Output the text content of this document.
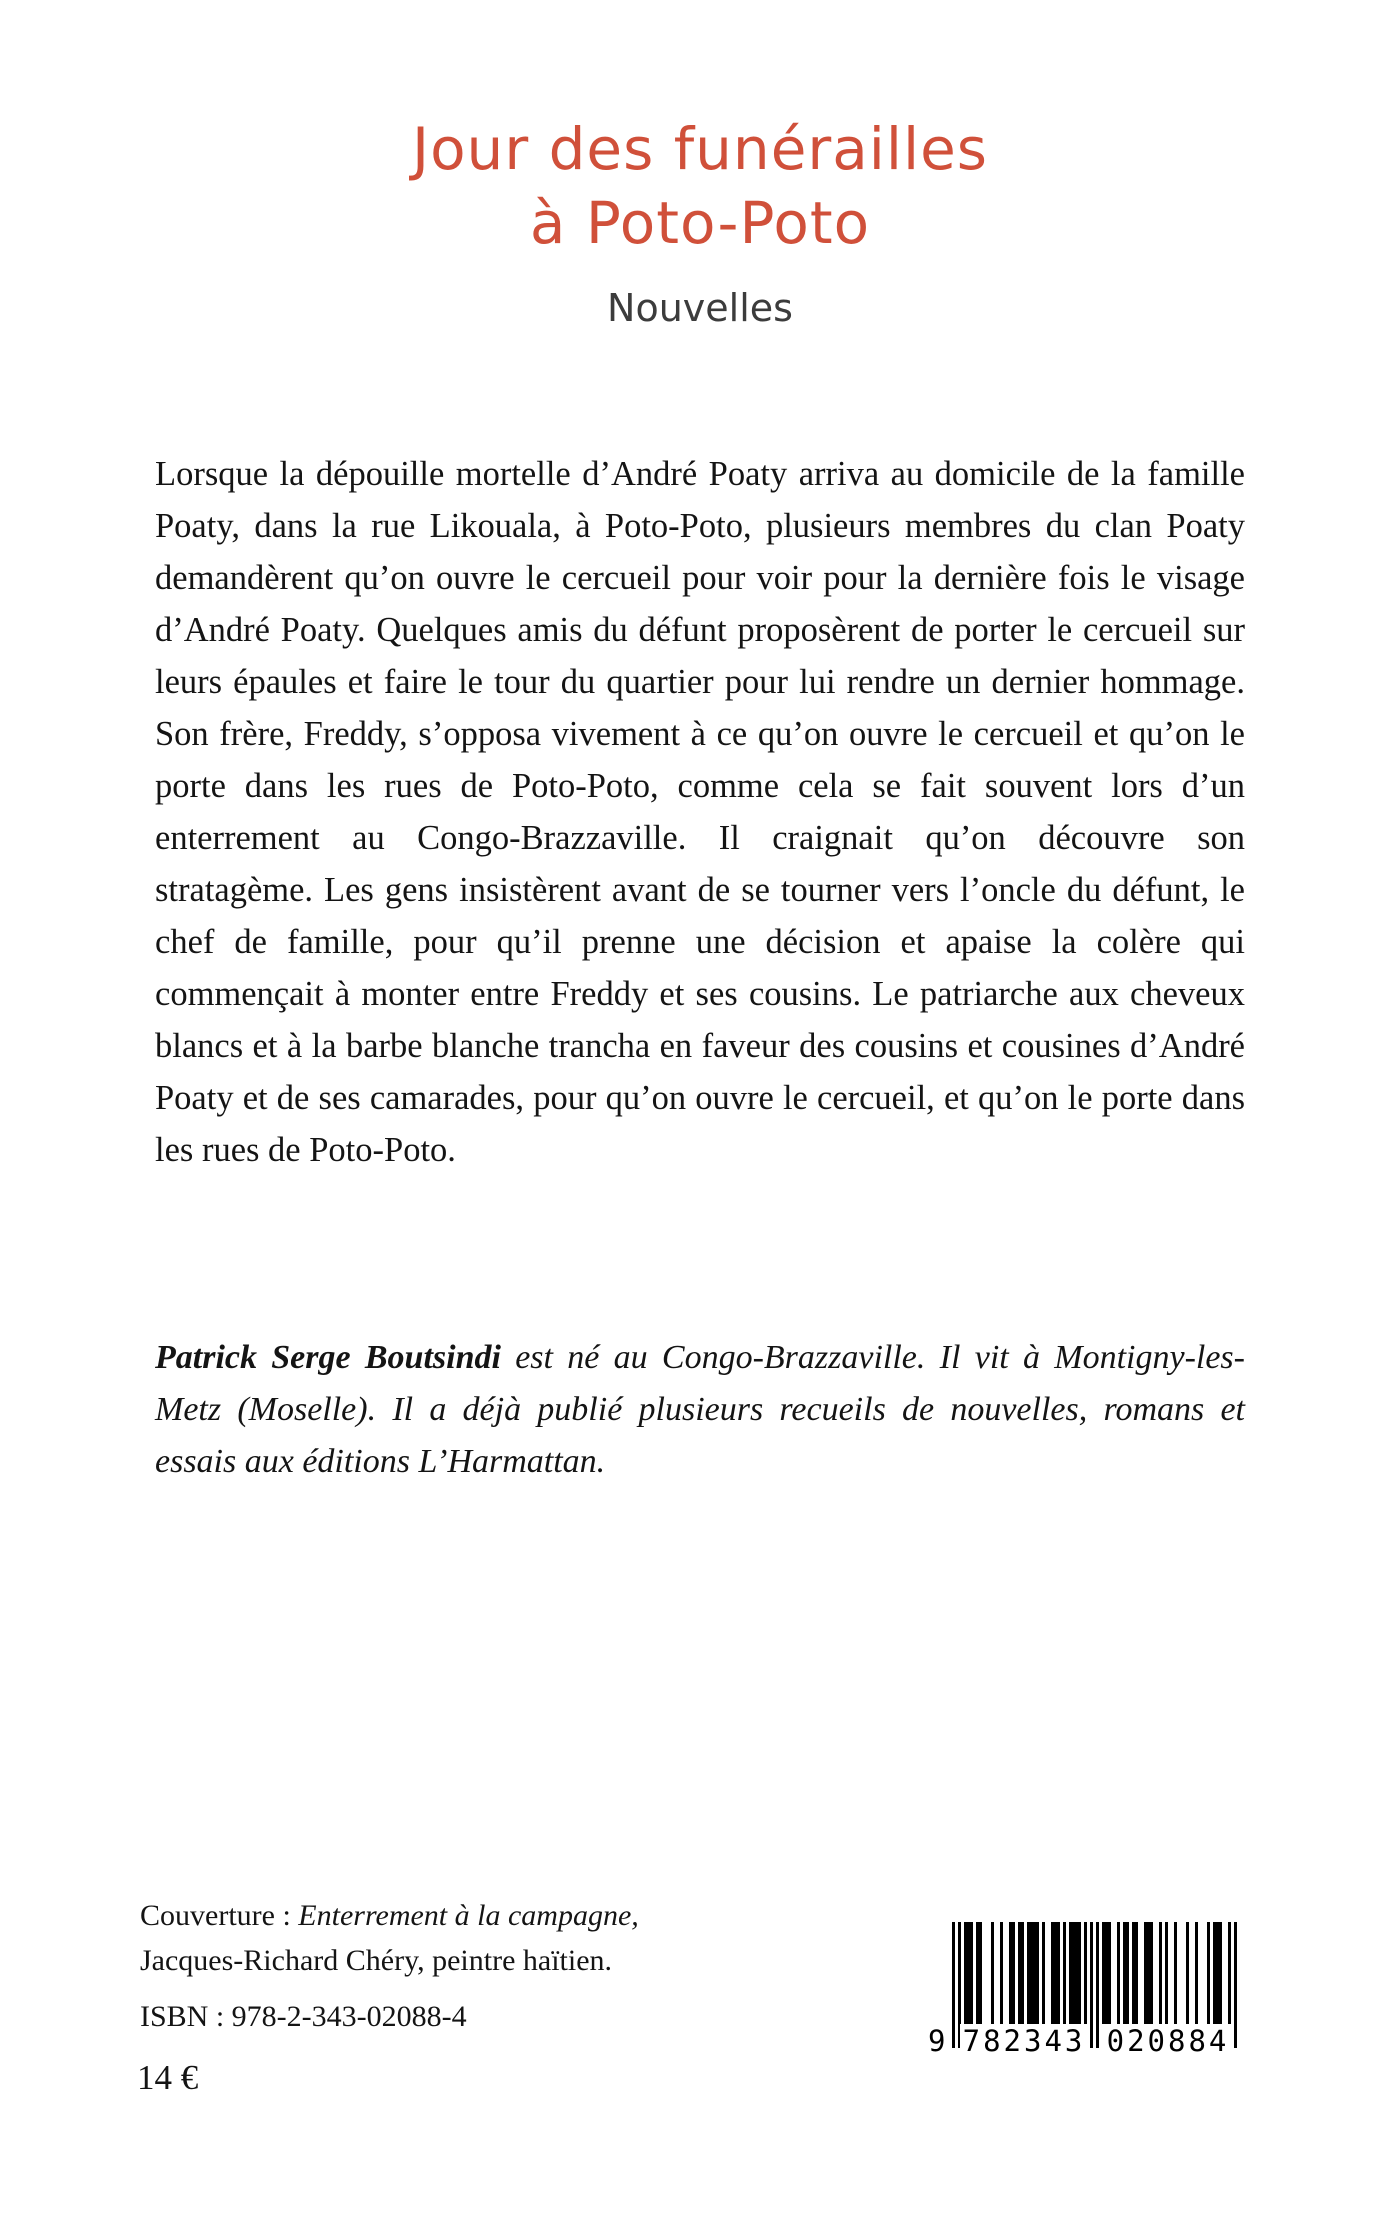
Jour des funérailles
à Poto-Poto
Nouvelles

Lorsque la dépouille mortelle d’André Poaty arriva au domicile de la famille Poaty, dans la rue Likouala, à Poto-Poto, plusieurs membres du clan Poaty demandèrent qu’on ouvre le cercueil pour voir pour la dernière fois le visage d’André Poaty. Quelques amis du défunt proposèrent de porter le cercueil sur leurs épaules et faire le tour du quartier pour lui rendre un dernier hommage. Son frère, Freddy, s’opposa vivement à ce qu’on ouvre le cercueil et qu’on le porte dans les rues de Poto-Poto, comme cela se fait souvent lors d’un enterrement au Congo-Brazzaville. Il craignait qu’on découvre son stratagème. Les gens insistèrent avant de se tourner vers l’oncle du défunt, le chef de famille, pour qu’il prenne une décision et apaise la colère qui commençait à monter entre Freddy et ses cousins. Le patriarche aux cheveux blancs et à la barbe blanche trancha en faveur des cousins et cousines d’André Poaty et de ses camarades, pour qu’on ouvre le cercueil, et qu’on le porte dans les rues de Poto-Poto.

Patrick Serge Boutsindi est né au Congo-Brazzaville. Il vit à Montigny-les-Metz (Moselle). Il a déjà publié plusieurs recueils de nouvelles, romans et essais aux éditions L’Harmattan.

Couverture : Enterrement à la campagne,
Jacques-Richard Chéry, peintre haïtien.
ISBN : 978-2-343-02088-4
14 €
9 782343 020884
